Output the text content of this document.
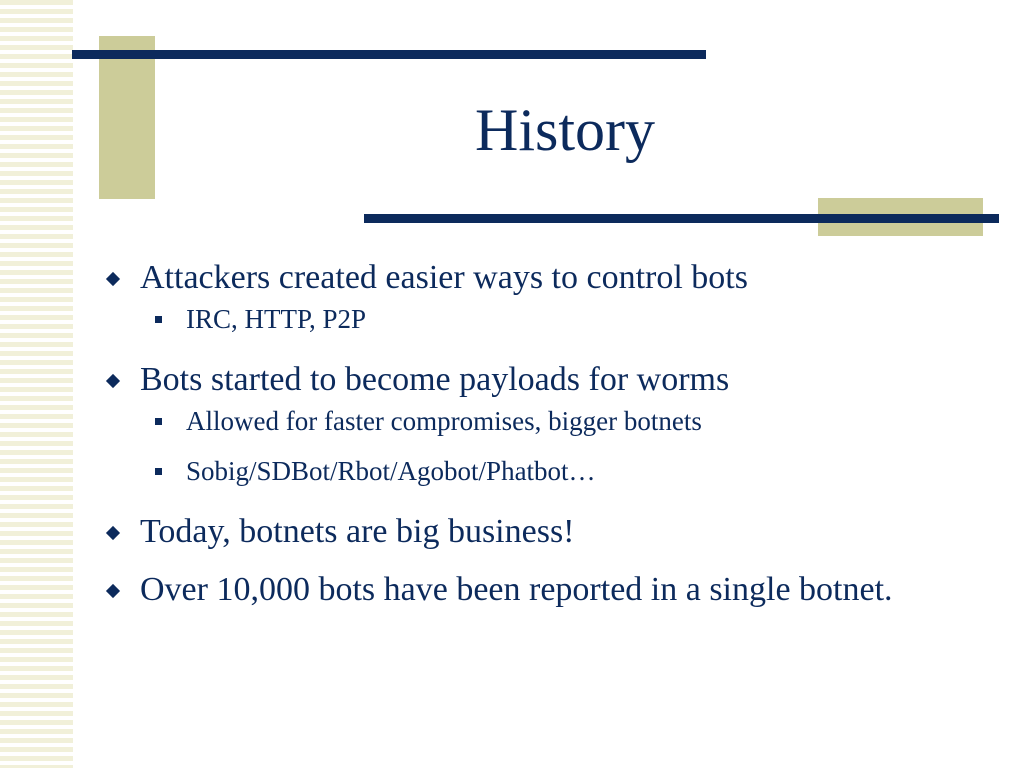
History
Attackers created easier ways to control bots
IRC, HTTP, P2P
Bots started to become payloads for worms
Allowed for faster compromises, bigger botnets
Sobig/SDBot/Rbot/Agobot/Phatbot…
Today, botnets are big business!
Over 10,000 bots have been reported in a single botnet.
